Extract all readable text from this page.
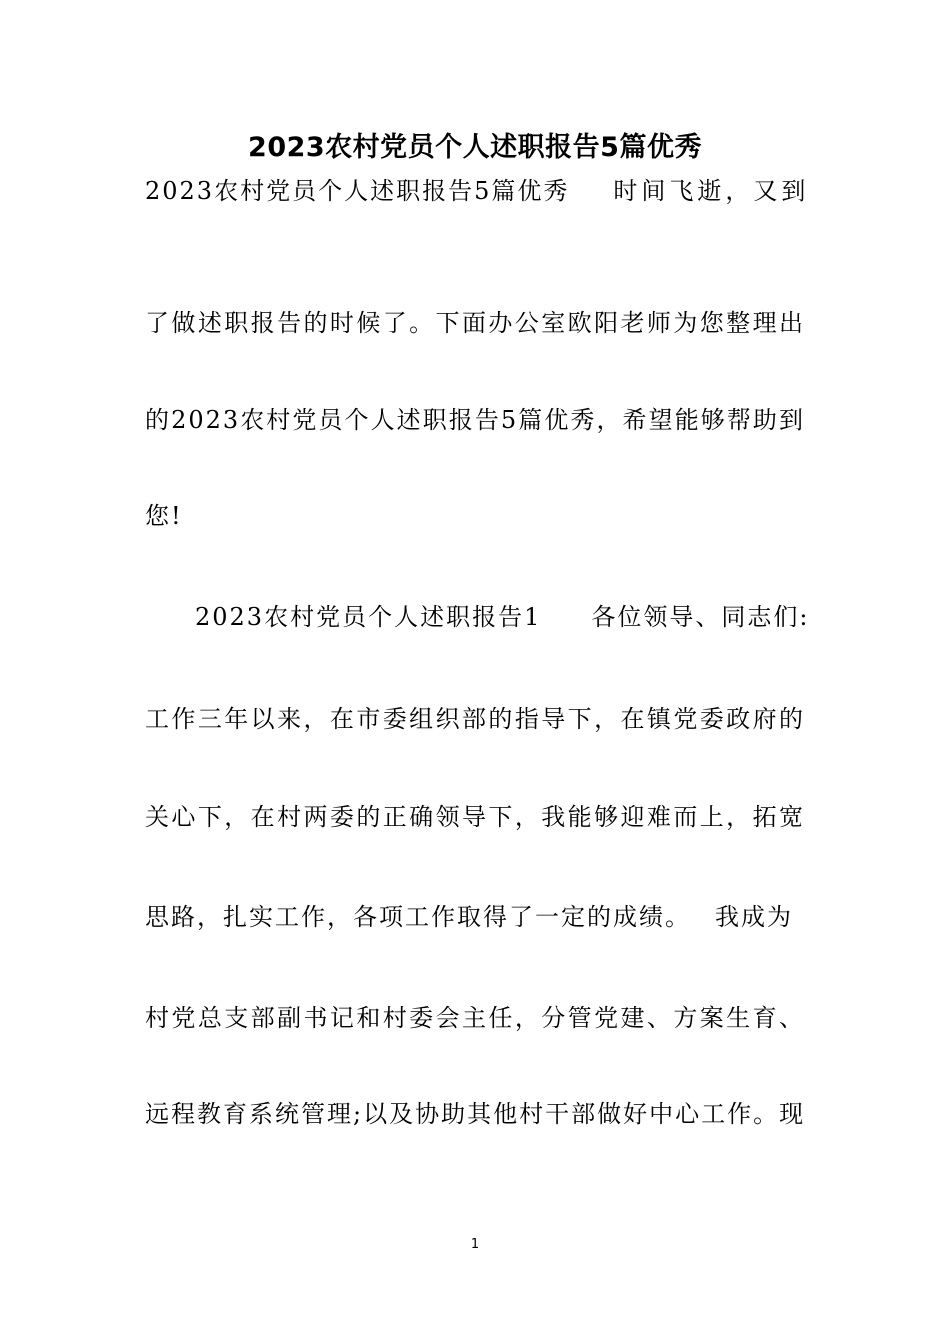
2023农村党员个人述职报告5篇优秀
2023农村党员个人述职报告5篇优秀 时间飞逝，又到
了做述职报告的时候了。下面办公室欧阳老师为您整理出
的2023农村党员个人述职报告5篇优秀，希望能够帮助到
您!
2023农村党员个人述职报告1 各位领导、同志们:
工作三年以来，在市委组织部的指导下，在镇党委政府的
关心下，在村两委的正确领导下，我能够迎难而上，拓宽
思路，扎实工作，各项工作取得了一定的成绩。 我成为
村党总支部副书记和村委会主任，分管党建、方案生育、
远程教育系统管理;以及协助其他村干部做好中心工作。现
1
